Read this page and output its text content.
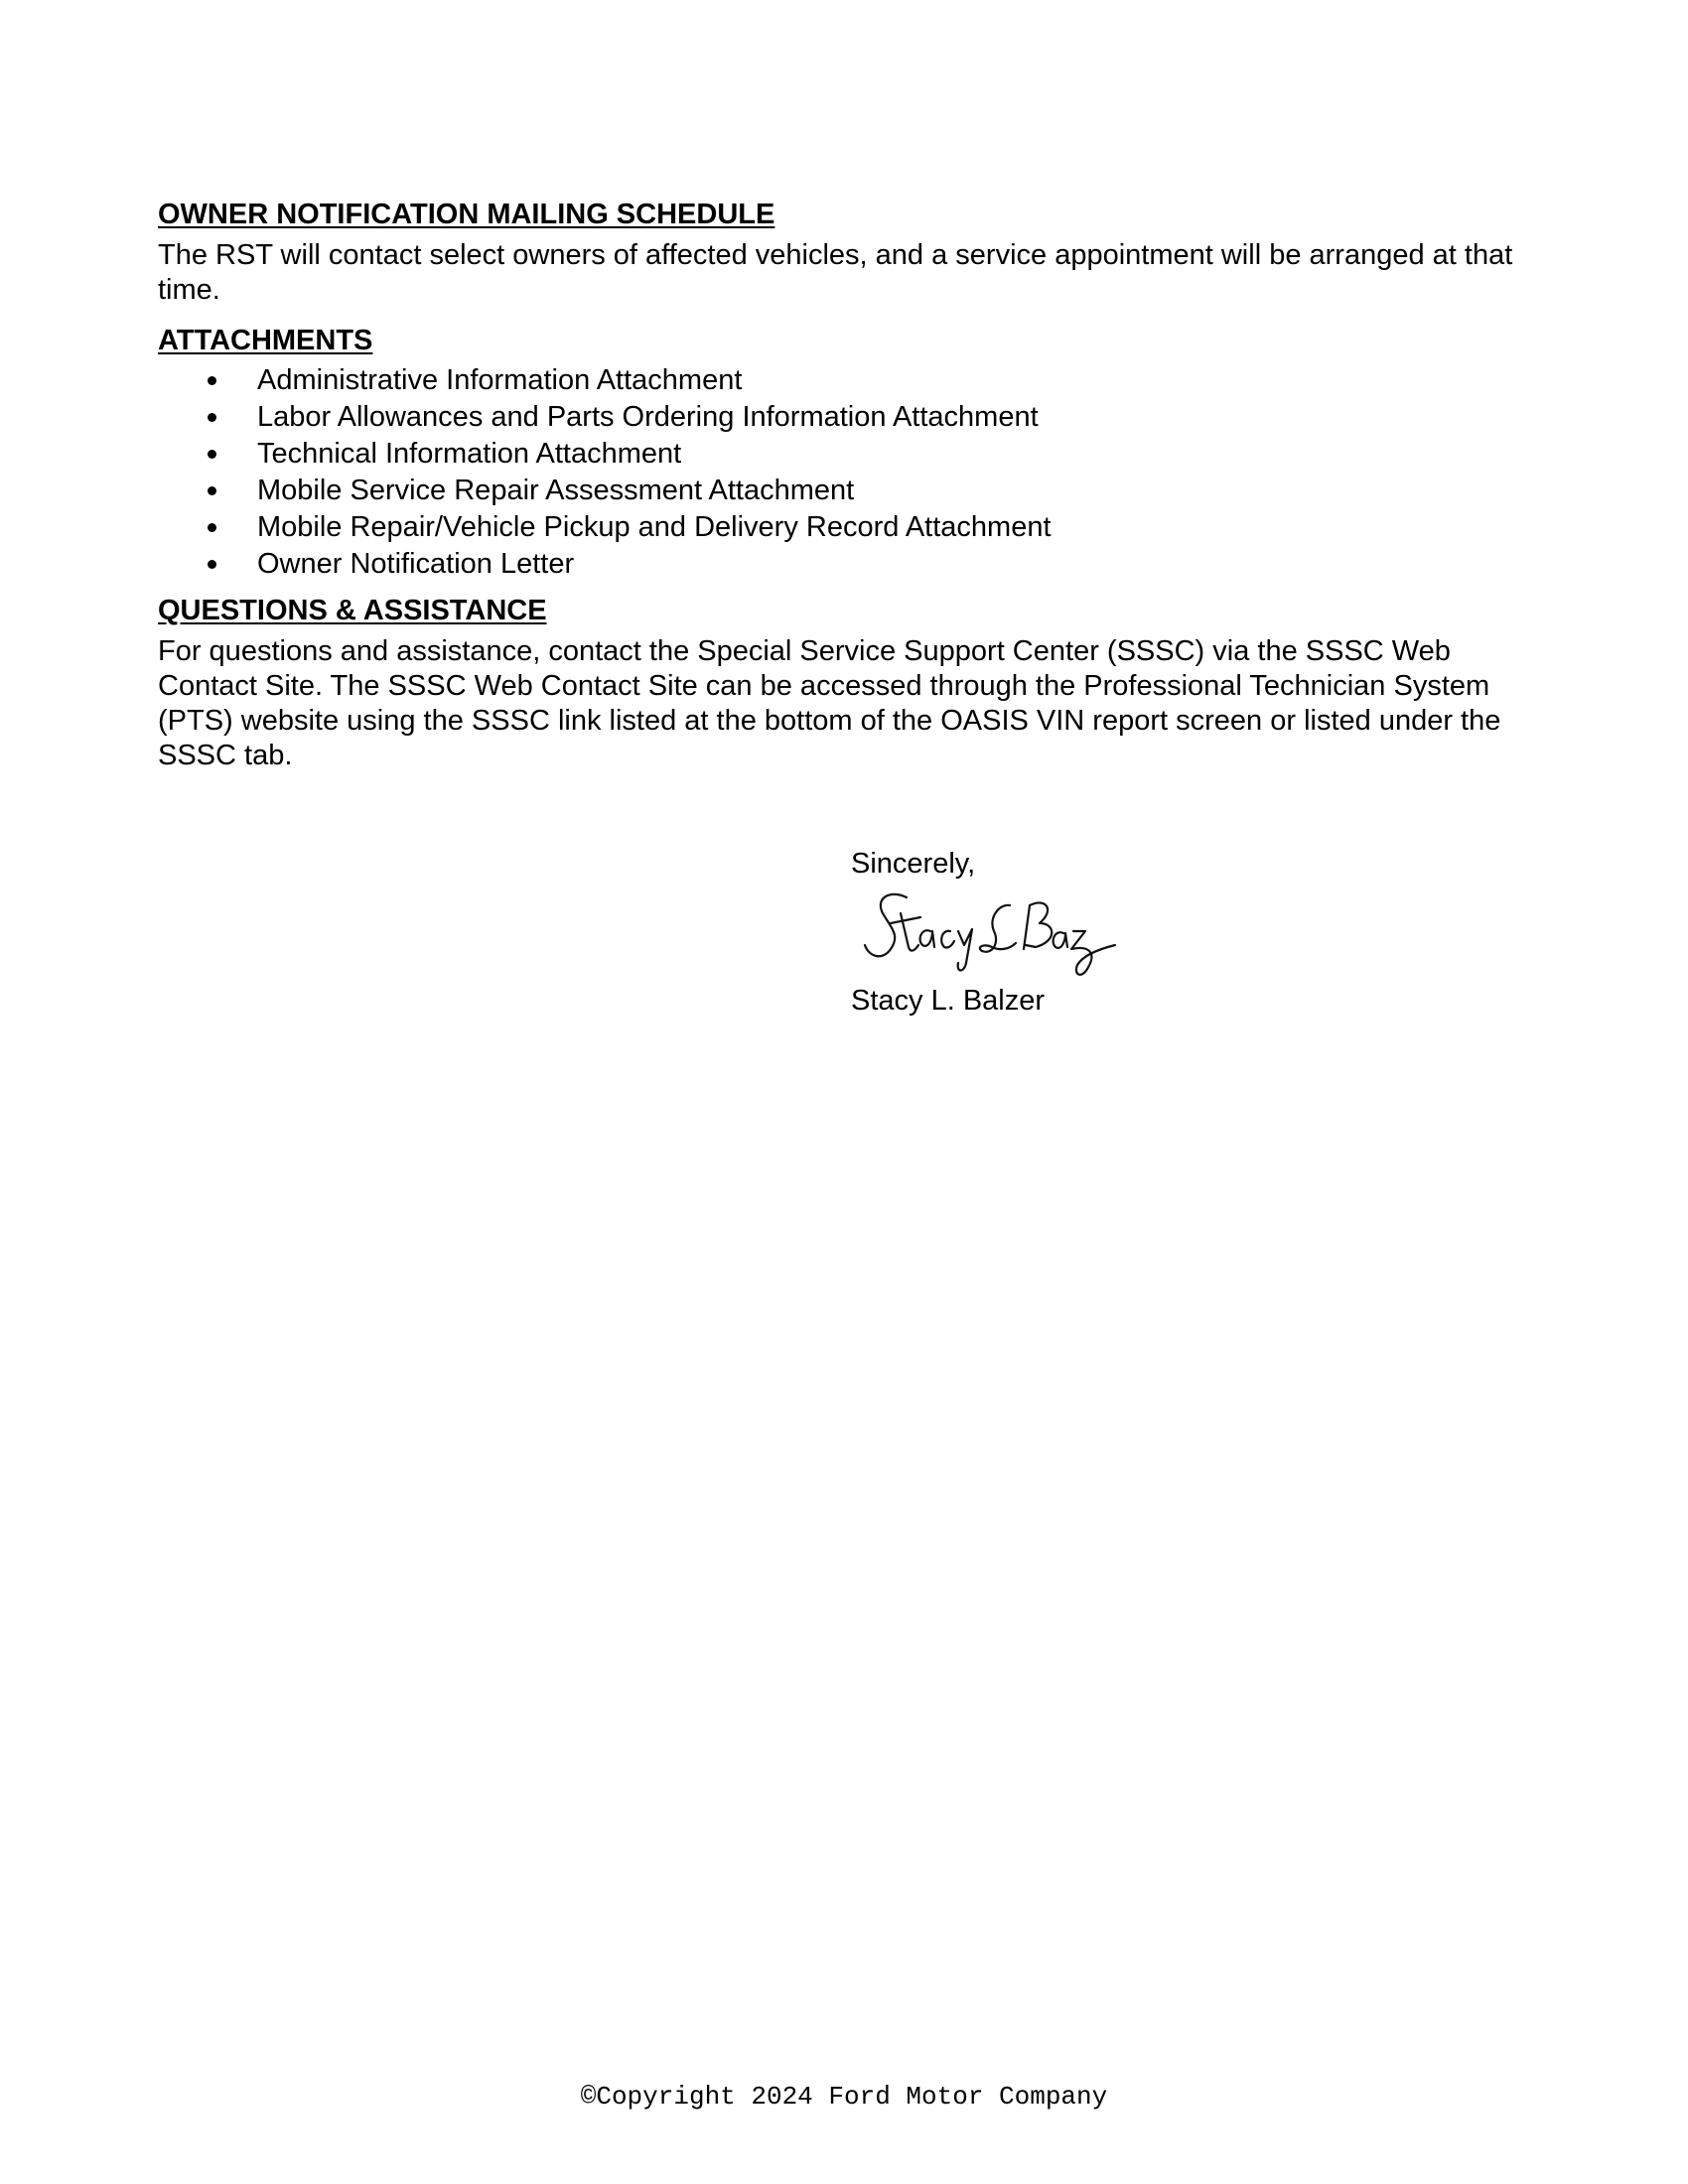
OWNER NOTIFICATION MAILING SCHEDULE

The RST will contact select owners of affected vehicles, and a service appointment will be arranged at that time.

ATTACHMENTS
Administrative Information Attachment
Labor Allowances and Parts Ordering Information Attachment
Technical Information Attachment
Mobile Service Repair Assessment Attachment
Mobile Repair/Vehicle Pickup and Delivery Record Attachment
Owner Notification Letter
QUESTIONS & ASSISTANCE

For questions and assistance, contact the Special Service Support Center (SSSC) via the SSSC Web Contact Site. The SSSC Web Contact Site can be accessed through the Professional Technician System (PTS) website using the SSSC link listed at the bottom of the OASIS VIN report screen or listed under the SSSC tab.

Sincerely,
Stacy L. Balzer
©Copyright 2024 Ford Motor Company
